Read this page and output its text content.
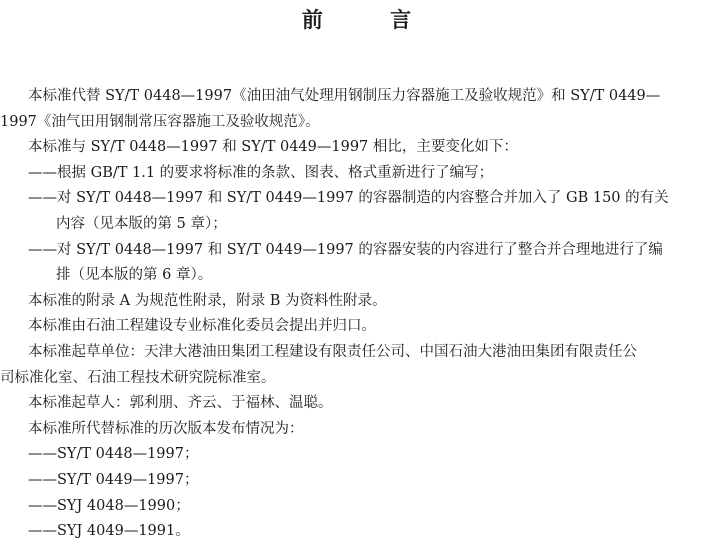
前 言
本标准代替 SY/T 0448—1997《油田油气处理用钢制压力容器施工及验收规范》和 SY/T 0449—
1997《油气田用钢制常压容器施工及验收规范》。
本标准与 SY/T 0448—1997 和 SY/T 0449—1997 相比，主要变化如下：
——根据 GB/T 1.1 的要求将标准的条款、图表、格式重新进行了编写；
——对 SY/T 0448—1997 和 SY/T 0449—1997 的容器制造的内容整合并加入了 GB 150 的有关
内容（见本版的第 5 章）；
——对 SY/T 0448—1997 和 SY/T 0449—1997 的容器安装的内容进行了整合并合理地进行了编
排（见本版的第 6 章）。
本标准的附录 A 为规范性附录，附录 B 为资料性附录。
本标准由石油工程建设专业标准化委员会提出并归口。
本标准起草单位：天津大港油田集团工程建设有限责任公司、中国石油大港油田集团有限责任公
司标准化室、石油工程技术研究院标准室。
本标准起草人：郭利朋、齐云、于福林、温聪。
本标准所代替标准的历次版本发布情况为：
——SY/T 0448—1997；
——SY/T 0449—1997；
——SYJ 4048—1990；
——SYJ 4049—1991。
